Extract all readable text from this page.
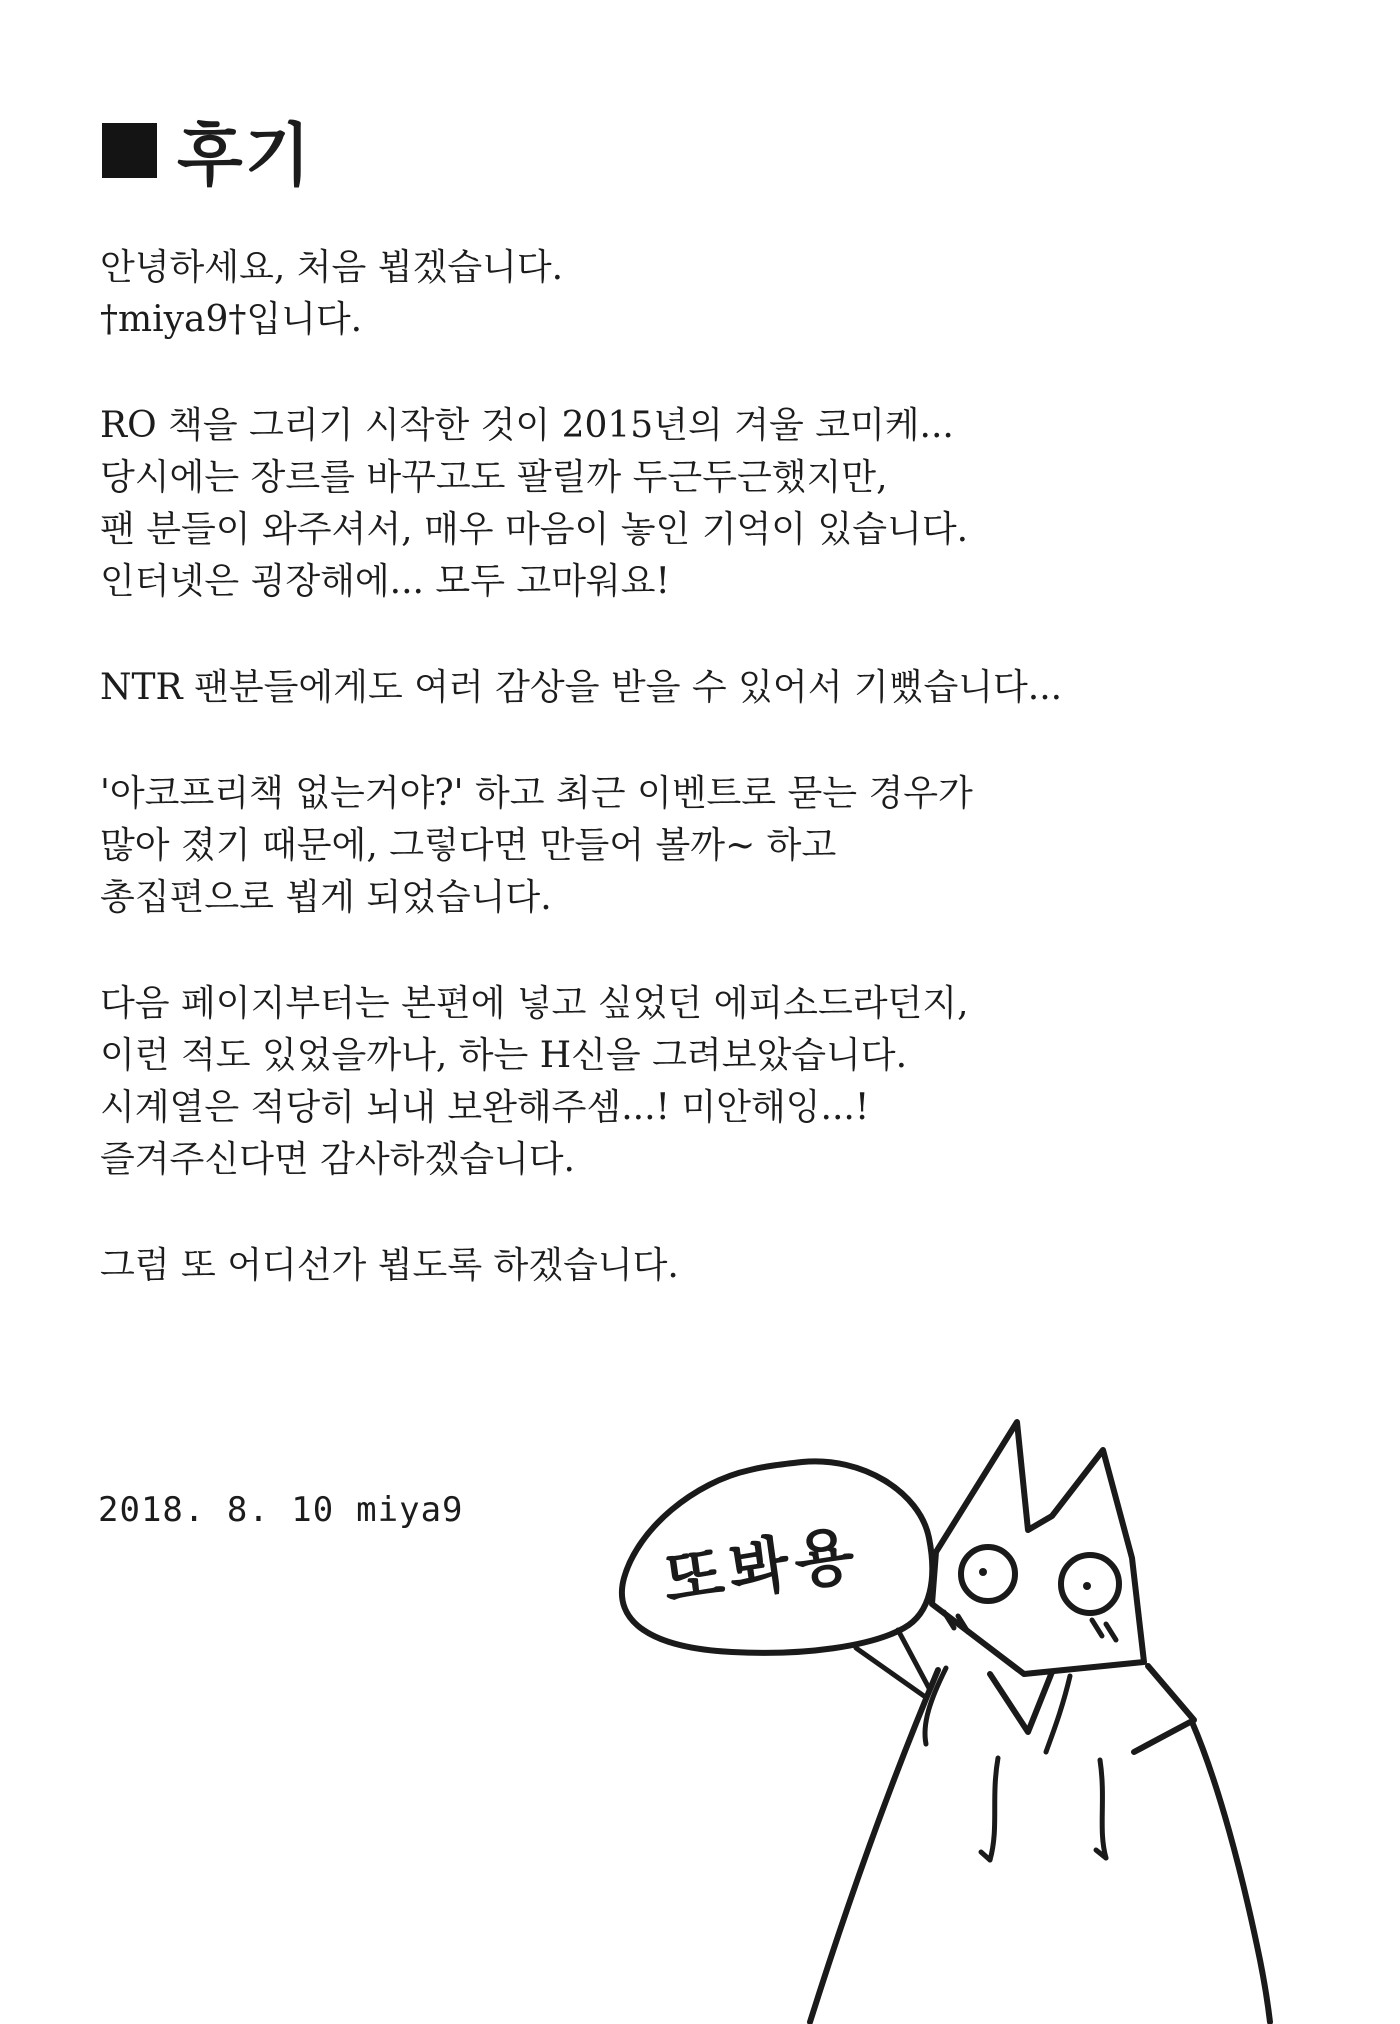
후기

안녕하세요, 처음 뵙겠습니다.
†miya9†입니다.

RO 책을 그리기 시작한 것이 2015년의 겨울 코미케...
당시에는 장르를 바꾸고도 팔릴까 두근두근했지만,
팬 분들이 와주셔서, 매우 마음이 놓인 기억이 있습니다.
인터넷은 굉장해에... 모두 고마워요!

NTR 팬분들에게도 여러 감상을 받을 수 있어서 기뻤습니다...

'아코프리책 없는거야?' 하고 최근 이벤트로 묻는 경우가
많아 졌기 때문에, 그렇다면 만들어 볼까~ 하고
총집편으로 뵙게 되었습니다.

다음 페이지부터는 본편에 넣고 싶었던 에피소드라던지,
이런 적도 있었을까나, 하는 H신을 그려보았습니다.
시계열은 적당히 뇌내 보완해주셈...! 미안해잉...!
즐겨주신다면 감사하겠습니다.

그럼 또 어디선가 뵙도록 하겠습니다.

2018. 8. 10 miya9
또봐용
